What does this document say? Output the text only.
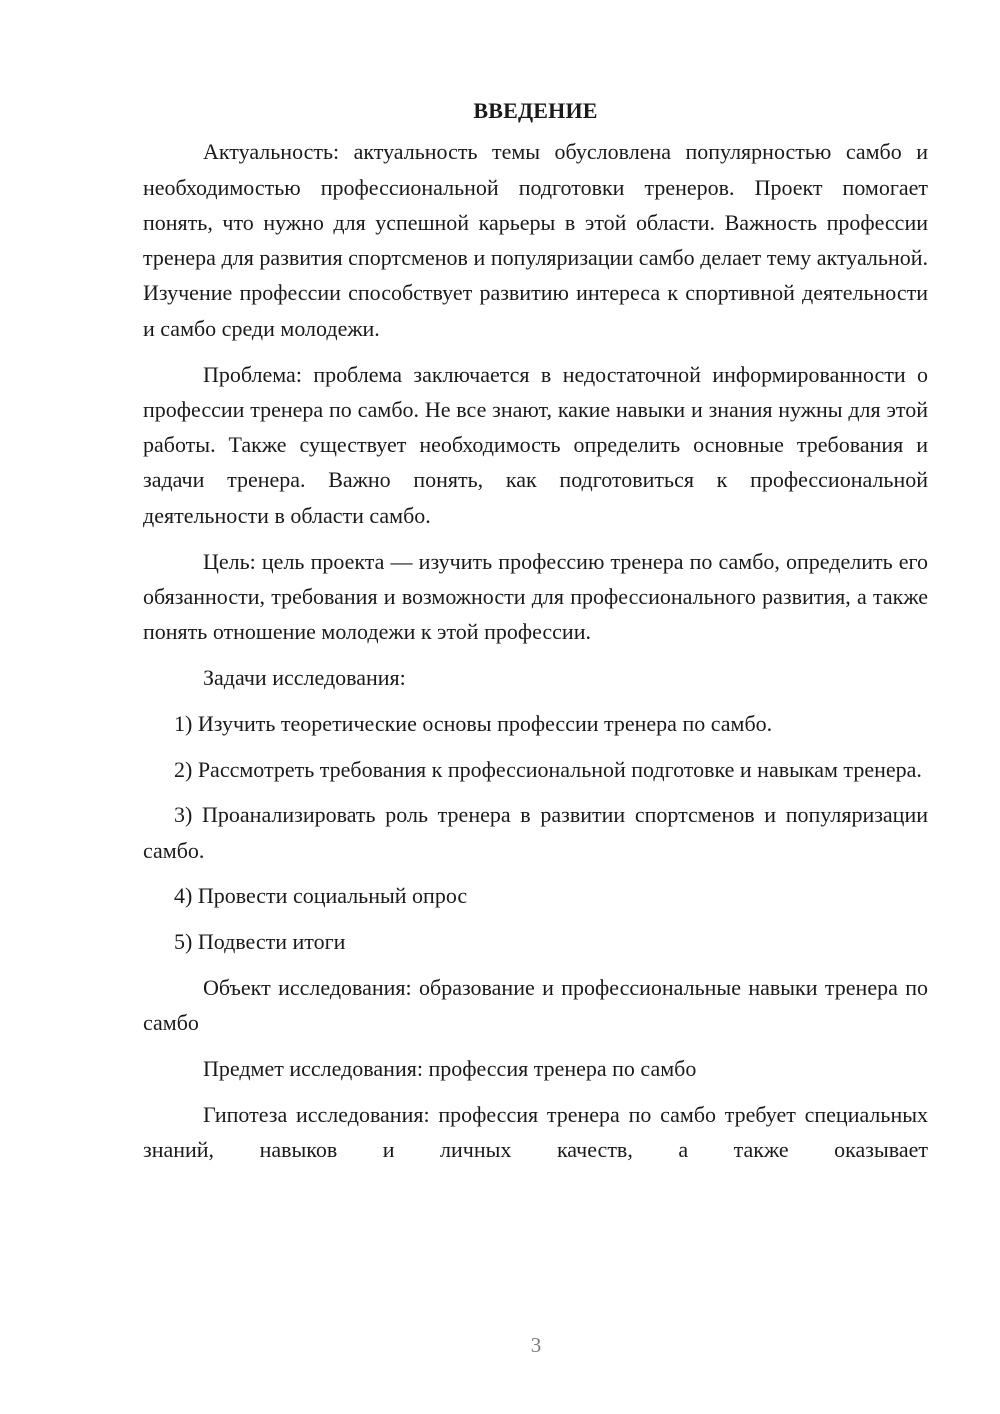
ВВЕДЕНИЕ

Актуальность: актуальность темы обусловлена популярностью самбо и необходимостью профессиональной подготовки тренеров. Проект помогает понять, что нужно для успешной карьеры в этой области. Важность профессии тренера для развития спортсменов и популяризации самбо делает тему актуальной. Изучение профессии способствует развитию интереса к спортивной деятельности и самбо среди молодежи.

Проблема: проблема заключается в недостаточной информированности о профессии тренера по самбо. Не все знают, какие навыки и знания нужны для этой работы. Также существует необходимость определить основные требования и задачи тренера. Важно понять, как подготовиться к профессиональной деятельности в области самбо.

Цель: цель проекта — изучить профессию тренера по самбо, определить его обязанности, требования и возможности для профессионального развития, а также понять отношение молодежи к этой профессии.

Задачи исследования:

1) Изучить теоретические основы профессии тренера по самбо.

2) Рассмотреть требования к профессиональной подготовке и навыкам тренера.

3) Проанализировать роль тренера в развитии спортсменов и популяризации самбо.

4) Провести социальный опрос

5) Подвести итоги

Объект исследования: образование и профессиональные навыки тренера по самбо

Предмет исследования: профессия тренера по самбо

Гипотеза исследования: профессия тренера по самбо требует специальных знаний, навыков и личных качеств, а также оказывает

3
